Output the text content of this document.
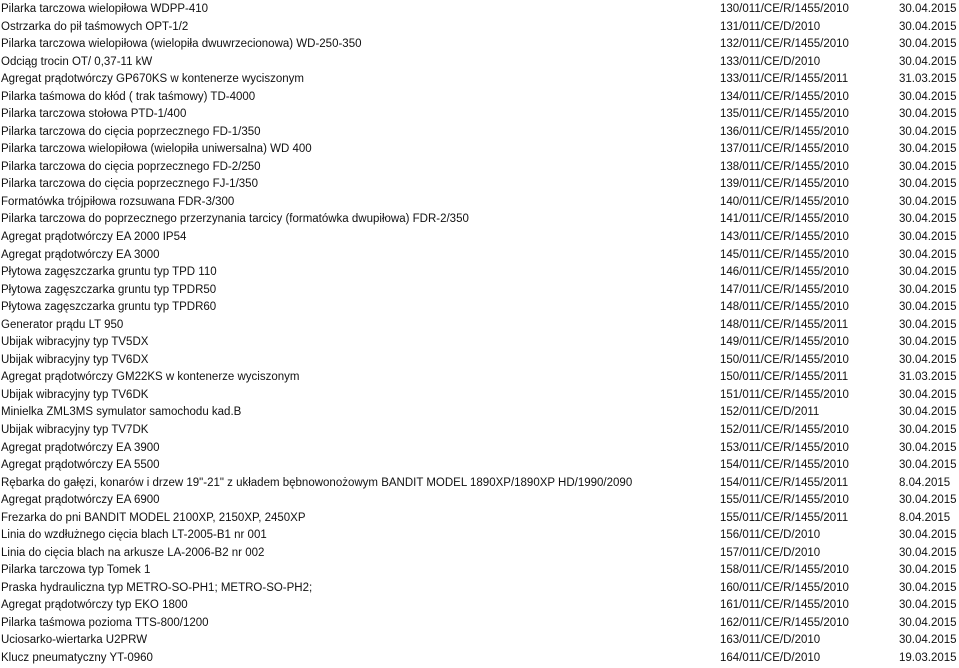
Pilarka tarczowa wielopiłowa WDPP-410	130/011/CE/R/1455/2010	30.04.2015
Ostrzarka do pił taśmowych OPT-1/2	131/011/CE/D/2010	30.04.2015
Pilarka tarczowa wielopiłowa (wielopiła dwuwrzecionowa) WD-250-350	132/011/CE/R/1455/2010	30.04.2015
Odciąg trocin OT/ 0,37-11 kW	133/011/CE/D/2010	30.04.2015
Agregat prądotwórczy GP670KS w kontenerze wyciszonym	133/011/CE/R/1455/2011	31.03.2015
Pilarka taśmowa do kłód ( trak taśmowy) TD-4000	134/011/CE/R/1455/2010	30.04.2015
Pilarka tarczowa stołowa PTD-1/400	135/011/CE/R/1455/2010	30.04.2015
Pilarka tarczowa do cięcia poprzecznego FD-1/350	136/011/CE/R/1455/2010	30.04.2015
Pilarka tarczowa wielopiłowa (wielopiła uniwersalna) WD 400	137/011/CE/R/1455/2010	30.04.2015
Pilarka tarczowa do cięcia poprzecznego FD-2/250	138/011/CE/R/1455/2010	30.04.2015
Pilarka tarczowa do cięcia poprzecznego FJ-1/350	139/011/CE/R/1455/2010	30.04.2015
Formatówka trójpiłowa rozsuwana FDR-3/300	140/011/CE/R/1455/2010	30.04.2015
Pilarka tarczowa do poprzecznego przerzynania tarcicy (formatówka dwupiłowa) FDR-2/350	141/011/CE/R/1455/2010	30.04.2015
Agregat prądotwórczy EA 2000 IP54	143/011/CE/R/1455/2010	30.04.2015
Agregat prądotwórczy EA 3000	145/011/CE/R/1455/2010	30.04.2015
Płytowa zagęszczarka gruntu typ TPD 110	146/011/CE/R/1455/2010	30.04.2015
Płytowa zagęszczarka gruntu typ TPDR50	147/011/CE/R/1455/2010	30.04.2015
Płytowa zagęszczarka gruntu typ TPDR60	148/011/CE/R/1455/2010	30.04.2015
Generator prądu LT 950	148/011/CE/R/1455/2011	30.04.2015
Ubijak wibracyjny typ TV5DX	149/011/CE/R/1455/2010	30.04.2015
Ubijak wibracyjny typ TV6DX	150/011/CE/R/1455/2010	30.04.2015
Agregat prądotwórczy GM22KS w kontenerze wyciszonym	150/011/CE/R/1455/2011	31.03.2015
Ubijak wibracyjny typ TV6DK	151/011/CE/R/1455/2010	30.04.2015
Minielka ZML3MS symulator samochodu kad.B	152/011/CE/D/2011	30.04.2015
Ubijak wibracyjny typ TV7DK	152/011/CE/R/1455/2010	30.04.2015
Agregat prądotwórczy EA 3900	153/011/CE/R/1455/2010	30.04.2015
Agregat prądotwórczy EA 5500	154/011/CE/R/1455/2010	30.04.2015
Rębarka do gałęzi, konarów i drzew 19"-21" z układem bębnowonożowym BANDIT MODEL 1890XP/1890XP HD/1990/2090	154/011/CE/R/1455/2011	8.04.2015
Agregat prądotwórczy EA 6900	155/011/CE/R/1455/2010	30.04.2015
Frezarka do pni BANDIT MODEL 2100XP, 2150XP, 2450XP	155/011/CE/R/1455/2011	8.04.2015
Linia do wzdłużnego cięcia blach LT-2005-B1 nr 001	156/011/CE/D/2010	30.04.2015
Linia do cięcia blach na arkusze LA-2006-B2 nr 002	157/011/CE/D/2010	30.04.2015
Pilarka tarczowa typ Tomek 1	158/011/CE/R/1455/2010	30.04.2015
Praska hydrauliczna typ METRO-SO-PH1; METRO-SO-PH2;	160/011/CE/R/1455/2010	30.04.2015
Agregat prądotwórczy typ EKO 1800	161/011/CE/R/1455/2010	30.04.2015
Pilarka taśmowa pozioma TTS-800/1200	162/011/CE/R/1455/2010	30.04.2015
Uciosarko-wiertarka U2PRW	163/011/CE/D/2010	30.04.2015
Klucz pneumatyczny YT-0960	164/011/CE/D/2010	19.03.2015
